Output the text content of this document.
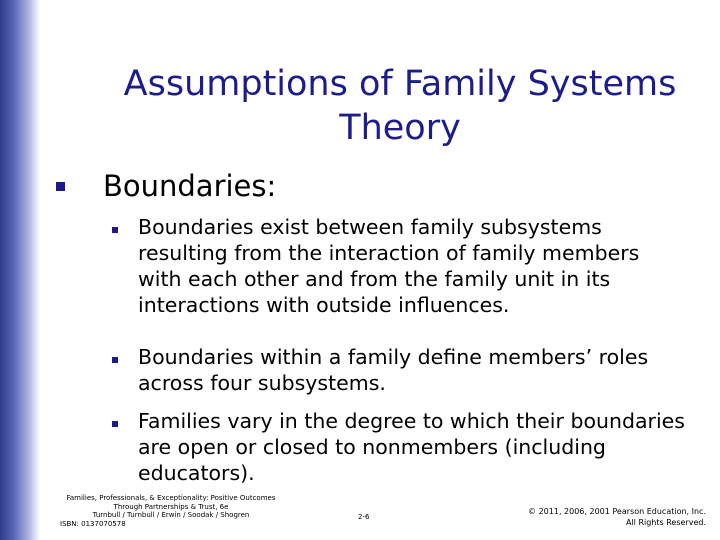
Assumptions of Family Systems
Theory
Boundaries:
Boundaries exist between family subsystems resulting from the interaction of family members with each other and from the family unit in its interactions with outside influences.
Boundaries within a family define members’ roles across four subsystems.
Families vary in the degree to which their boundaries are open or closed to nonmembers (including educators).
Families, Professionals, & Exceptionality: Positive Outcomes
Through Partnerships & Trust, 6e
Turnbull / Turnbull / Erwin / Soodak / Shogren
ISBN: 0137070578
2-6
© 2011, 2006, 2001 Pearson Education, Inc.
All Rights Reserved.
